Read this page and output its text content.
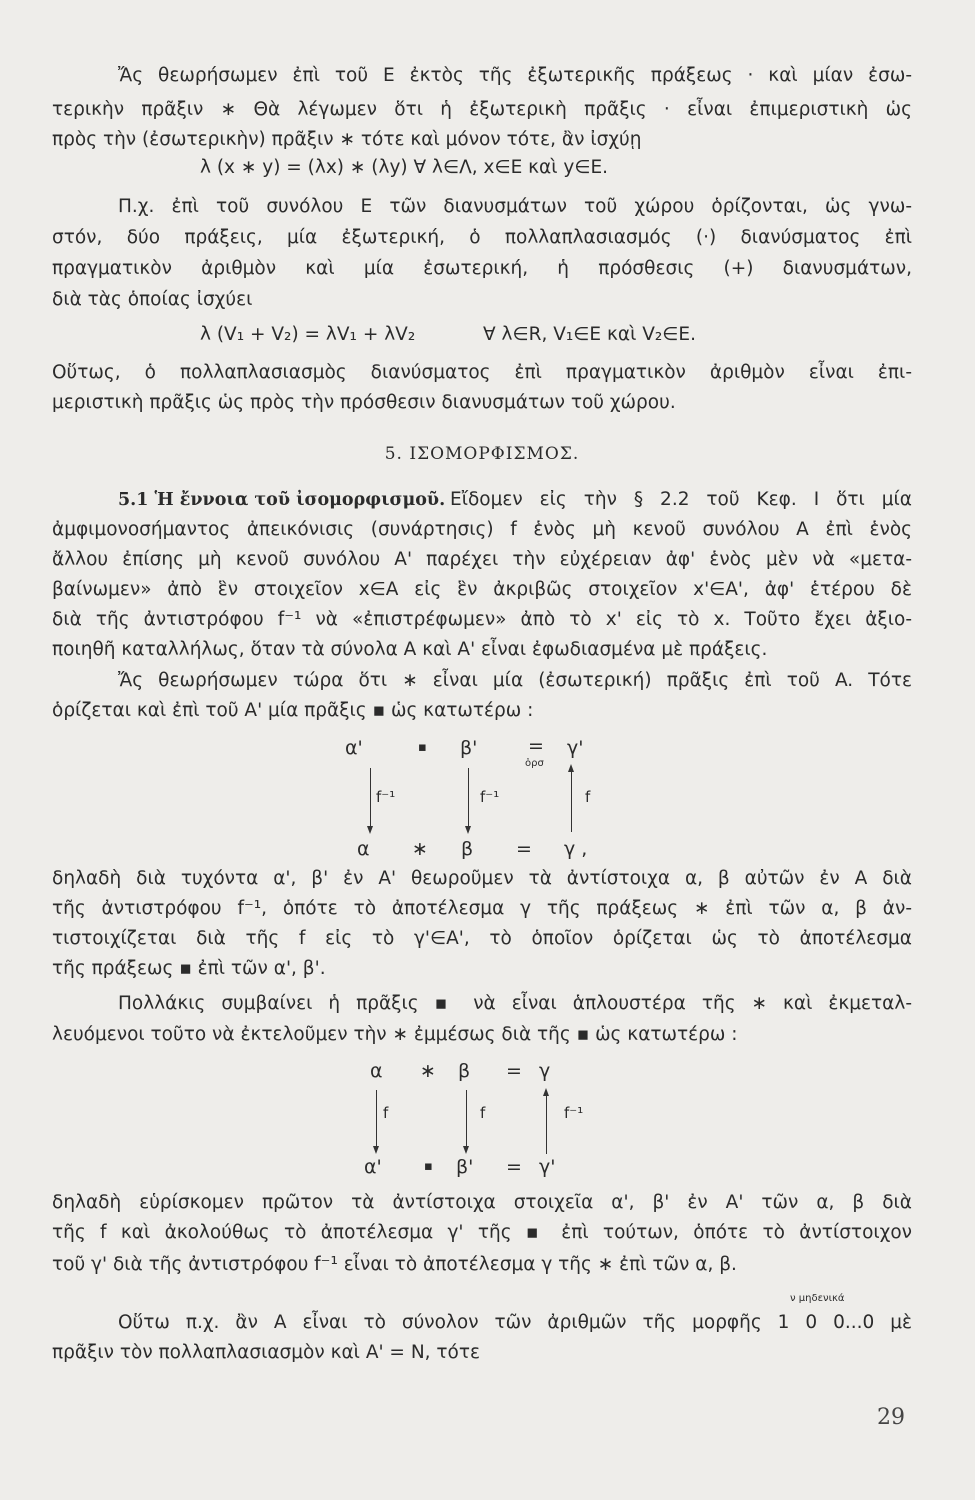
Ἄς θεωρήσωμεν ἐπὶ τοῦ E ἐκτὸς τῆς ἐξωτερικῆς πράξεως · καὶ μίαν ἐσω-
τερικὴν πρᾶξιν ∗ Θὰ λέγωμεν ὅτι ἡ ἐξωτερικὴ πρᾶξις · εἶναι ἐπιμεριστικὴ ὡς
πρὸς τὴν (ἐσωτερικὴν) πρᾶξιν ∗ τότε καὶ μόνον τότε, ἂν ἰσχύῃ
λ (x ∗ y) = (λx) ∗ (λy) ∀ λ∈Λ, x∈E καὶ y∈E.
Π.χ. ἐπὶ τοῦ συνόλου E τῶν διανυσμάτων τοῦ χώρου ὁρίζονται, ὡς γνω-
στόν, δύο πράξεις, μία ἐξωτερική, ὁ πολλαπλασιασμός (·) διανύσματος ἐπὶ
πραγματικὸν ἀριθμὸν καὶ μία ἐσωτερική, ἡ πρόσθεσις (+) διανυσμάτων,
διὰ τὰς ὁποίας ἰσχύει
λ (V₁ + V₂) = λV₁ + λV₂	∀ λ∈R, V₁∈E καὶ V₂∈E.
Οὕτως, ὁ πολλαπλασιασμὸς διανύσματος ἐπὶ πραγματικὸν ἀριθμὸν εἶναι ἐπι-
μεριστικὴ πρᾶξις ὡς πρὸς τὴν πρόσθεσιν διανυσμάτων τοῦ χώρου.
5. ΙΣΟΜΟΡΦΙΣΜΟΣ.
5.1 Ἡ ἔννοια τοῦ ἰσομορφισμοῦ. Εἴδομεν εἰς τὴν § 2.2 τοῦ Κεφ. I ὅτι μία
ἀμφιμονοσήμαντος ἀπεικόνισις (συνάρτησις) f ἑνὸς μὴ κενοῦ συνόλου A ἐπὶ ἑνὸς
ἄλλου ἐπίσης μὴ κενοῦ συνόλου A' παρέχει τὴν εὐχέρειαν ἀφ' ἑνὸς μὲν νὰ «μετα-
βαίνωμεν» ἀπὸ ἓν στοιχεῖον x∈A εἰς ἓν ἀκριβῶς στοιχεῖον x'∈A', ἀφ' ἑτέρου δὲ
διὰ τῆς ἀντιστρόφου f⁻¹ νὰ «ἐπιστρέφωμεν» ἀπὸ τὸ x' εἰς τὸ x. Τοῦτο ἔχει ἀξιο-
ποιηθῆ καταλλήλως, ὅταν τὰ σύνολα A καὶ A' εἶναι ἐφωδιασμένα μὲ πράξεις.
Ἄς θεωρήσωμεν τώρα ὅτι ∗ εἶναι μία (ἐσωτερική) πρᾶξις ἐπὶ τοῦ A. Τότε
ὁρίζεται καὶ ἐπὶ τοῦ A' μία πρᾶξις ▪ ὡς κατωτέρω :
α'	▪ β'	= γ'
ὁρσ
f⁻¹	f⁻¹	f
α ∗ β = γ ,
δηλαδὴ διὰ τυχόντα α', β' ἐν A' θεωροῦμεν τὰ ἀντίστοιχα α, β αὐτῶν ἐν A διὰ
τῆς ἀντιστρόφου f⁻¹, ὁπότε τὸ ἀποτέλεσμα γ τῆς πράξεως ∗ ἐπὶ τῶν α, β ἀν-
τιστοιχίζεται διὰ τῆς f εἰς τὸ γ'∈A', τὸ ὁποῖον ὁρίζεται ὡς τὸ ἀποτέλεσμα
τῆς πράξεως ▪ ἐπὶ τῶν α', β'.
Πολλάκις συμβαίνει ἡ πρᾶξις ▪ νὰ εἶναι ἁπλουστέρα τῆς ∗ καὶ ἐκμεταλ-
λευόμενοι τοῦτο νὰ ἐκτελοῦμεν τὴν ∗ ἐμμέσως διὰ τῆς ▪ ὡς κατωτέρω :
α ∗ β = γ
f	f	f⁻¹
α'	▪ β' = γ'
δηλαδὴ εὑρίσκομεν πρῶτον τὰ ἀντίστοιχα στοιχεῖα α', β' ἐν A' τῶν α, β διὰ
τῆς f καὶ ἀκολούθως τὸ ἀποτέλεσμα γ' τῆς ▪ ἐπὶ τούτων, ὁπότε τὸ ἀντίστοιχον
τοῦ γ' διὰ τῆς ἀντιστρόφου f⁻¹ εἶναι τὸ ἀποτέλεσμα γ τῆς ∗ ἐπὶ τῶν α, β.
ν μηδενικά
Οὕτω π.χ. ἂν A εἶναι τὸ σύνολον τῶν ἀριθμῶν τῆς μορφῆς 1 0 0...0 μὲ
πρᾶξιν τὸν πολλαπλασιασμὸν καὶ A' = N, τότε
29
